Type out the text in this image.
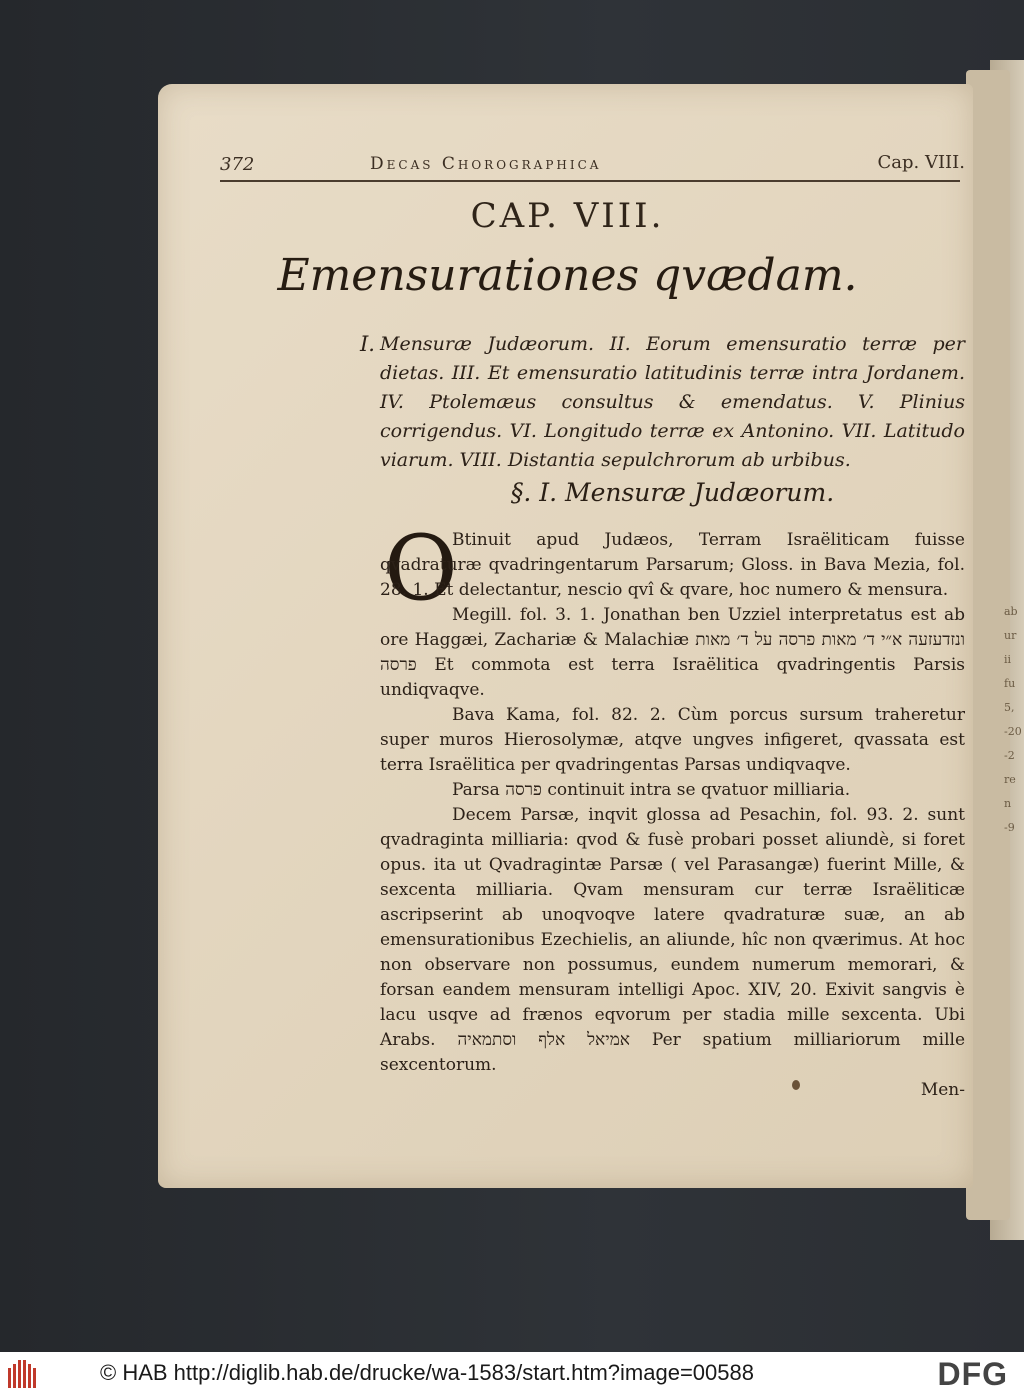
ab
ur
ii
fu
5,
-20
-2
re
n
-9
372	Decas Chorographica	Cap. VIII.
CAP. VIII.
Emensurationes qvædam.
I. Mensuræ Judæorum. II. Eorum emensuratio terræ per dietas. III. Et emensuratio latitudinis terræ intra Jordanem. IV. Ptolemæus consultus & emendatus. V. Plinius corrigendus. VI. Longitudo terræ ex Antonino. VII. Latitudo viarum. VIII. Distantia sepulchrorum ab urbibus.
§. I. Mensuræ Judæorum.
O

Btinuit apud Judæos, Terram Israëliticam fuisse qvadraturæ qvadringentarum Parsarum; Gloss. in Bava Mezia, fol. 28. 1. Et delectantur, nescio qvî & qvare, hoc numero & mensura.

Megill. fol. 3. 1. Jonathan ben Uzziel interpretatus est ab ore Haggæi, Zachariæ & Malachiæ ונזדעזעה א״י ד׳ מאות פרסה על ד׳ מאות פרסה Et commota est terra Israëlitica qvadringentis Parsis undiqvaqve.

Bava Kama, fol. 82. 2. Cùm porcus sursum traheretur super muros Hierosolymæ, atqve ungves infigeret, qvassata est terra Israëlitica per qvadringentas Parsas undiqvaqve.

Parsa פרסה continuit intra se qvatuor milliaria.

Decem Parsæ, inqvit glossa ad Pesachin, fol. 93. 2. sunt qvadraginta milliaria: qvod & fusè probari posset aliundè, si foret opus. ita ut Qvadragintæ Parsæ ( vel Parasangæ) fuerint Mille, & sexcenta milliaria. Qvam mensuram cur terræ Israëliticæ ascripserint ab unoqvoqve latere qvadraturæ suæ, an ab emensurationibus Ezechielis, an aliunde, hîc non qværimus. At hoc non observare non possumus, eundem numerum memorari, & forsan eandem mensuram intelligi Apoc. XIV, 20. Exivit sangvis è lacu usqve ad frænos eqvorum per stadia mille sexcenta. Ubi Arabs. אמיאל אלף וסתמאיה Per spatium milliariorum mille sexcentorum.

Men-
© HAB http://diglib.hab.de/drucke/wa-1583/start.htm?image=00588	DFG
